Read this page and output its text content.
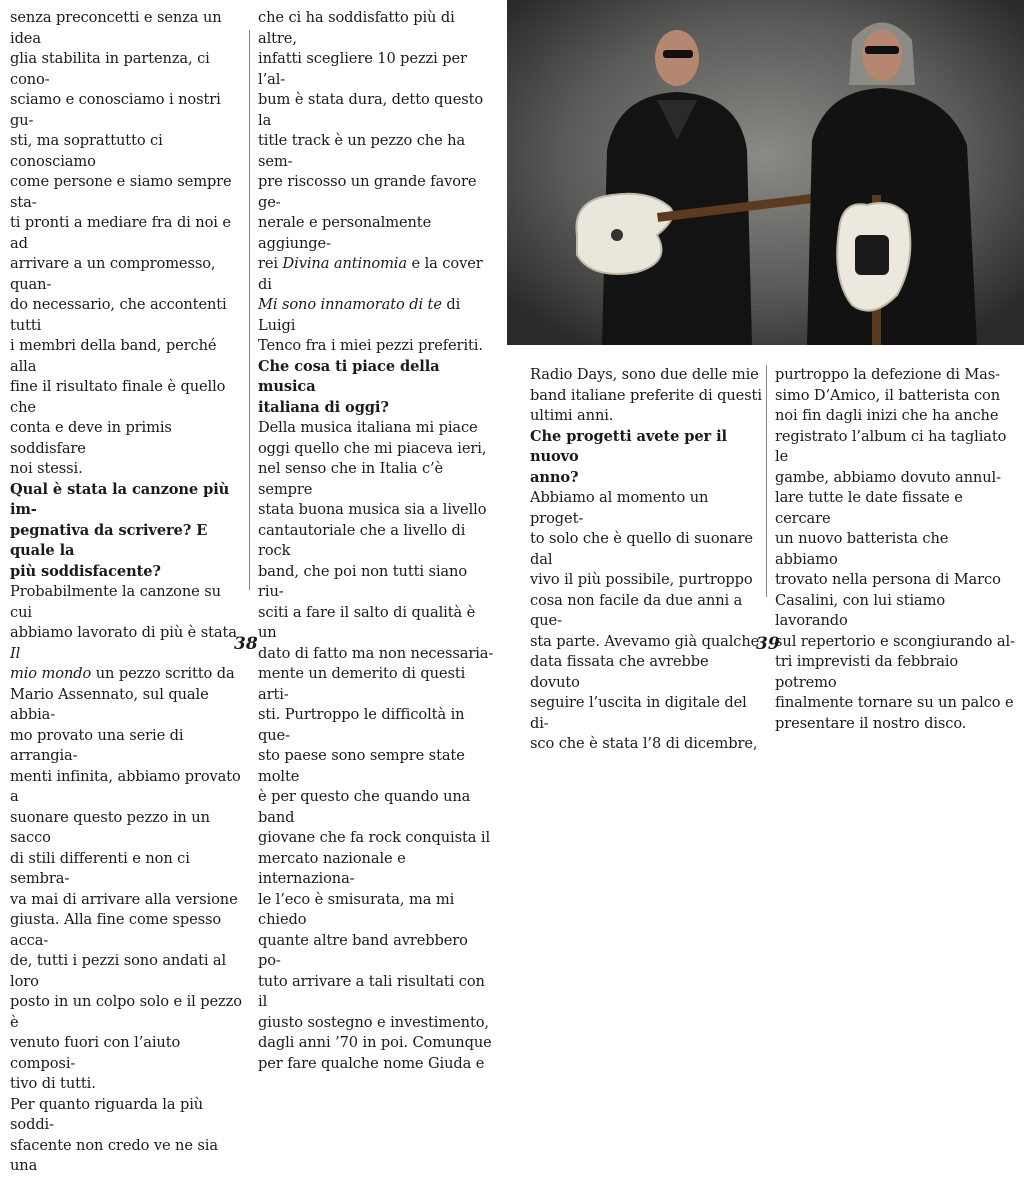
senza preconcetti e senza un idea
glia stabilita in partenza, ci cono-
sciamo e conosciamo i nostri gu-
sti, ma soprattutto ci conosciamo
come persone e siamo sempre sta-
ti pronti a mediare fra di noi e ad
arrivare a un compromesso, quan-
do necessario, che accontenti tutti
i membri della band, perché alla
fine il risultato finale è quello che
conta e deve in primis soddisfare
noi stessi.

Qual è stata la canzone più im-
pegnativa da scrivere? E quale la
più soddisfacente?

Probabilmente la canzone su cui
abbiamo lavorato di più è stata Il
mio mondo un pezzo scritto da
Mario Assennato, sul quale abbia-
mo provato una serie di arrangia-
menti infinita, abbiamo provato a
suonare questo pezzo in un sacco
di stili differenti e non ci sembra-
va mai di arrivare alla versione
giusta. Alla fine come spesso acca-
de, tutti i pezzi sono andati al loro
posto in un colpo solo e il pezzo è
venuto fuori con l’aiuto composi-
tivo di tutti.
Per quanto riguarda la più soddi-
sfacente non credo ve ne sia una

che ci ha soddisfatto più di altre,
infatti scegliere 10 pezzi per l’al-
bum è stata dura, detto questo la
title track è un pezzo che ha sem-
pre riscosso un grande favore ge-
nerale e personalmente aggiunge-
rei Divina antinomia e la cover di
Mi sono innamorato di te di Luigi
Tenco fra i miei pezzi preferiti.

Che cosa ti piace della musica
italiana di oggi?

Della musica italiana mi piace
oggi quello che mi piaceva ieri,
nel senso che in Italia c’è sempre
stata buona musica sia a livello
cantautoriale che a livello di rock
band, che poi non tutti siano riu-
sciti a fare il salto di qualità è un
dato di fatto ma non necessaria-
mente un demerito di questi arti-
sti. Purtroppo le difficoltà in que-
sto paese sono sempre state molte
è per questo che quando una band
giovane che fa rock conquista il
mercato nazionale e internaziona-
le l’eco è smisurata, ma mi chiedo
quante altre band avrebbero po-
tuto arrivare a tali risultati con il
giusto sostegno e investimento,
dagli anni ’70 in poi. Comunque
per fare qualche nome Giuda e

Radio Days, sono due delle mie
band italiane preferite di questi
ultimi anni.

Che progetti avete per il nuovo
anno?

Abbiamo al momento un proget-
to solo che è quello di suonare dal
vivo il più possibile, purtroppo
cosa non facile da due anni a que-
sta parte. Avevamo già qualche
data fissata che avrebbe dovuto
seguire l’uscita in digitale del di-
sco che è stata l’8 di dicembre,

purtroppo la defezione di Mas-
simo D’Amico, il batterista con
noi fin dagli inizi che ha anche
registrato l’album ci ha tagliato le
gambe, abbiamo dovuto annul-
lare tutte le date fissate e cercare
un nuovo batterista che abbiamo
trovato nella persona di Marco
Casalini, con lui stiamo lavorando
sul repertorio e scongiurando al-
tri imprevisti da febbraio potremo
finalmente tornare su un palco e
presentare il nostro disco.

38	39
